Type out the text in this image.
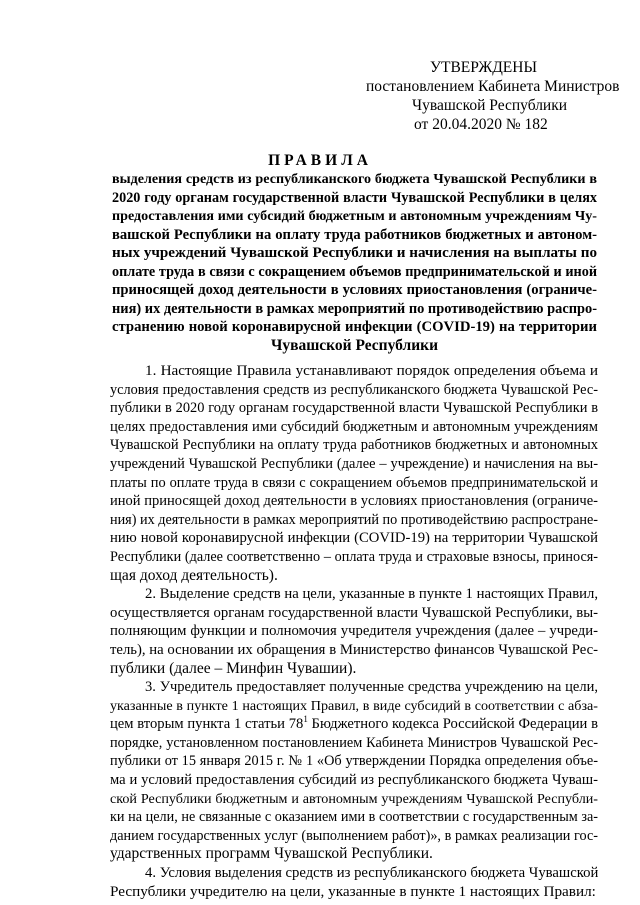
УТВЕРЖДЕНЫ
постановлением Кабинета Министров
Чувашской Республики
от 20.04.2020 № 182
ПРАВИЛА
выделения средств из республиканского бюджета Чувашской Республики в
2020 году органам государственной власти Чувашской Республики в целях
предоставления ими субсидий бюджетным и автономным учреждениям Чу-
вашской Республики на оплату труда работников бюджетных и автоном-
ных учреждений Чувашской Республики и начисления на выплаты по
оплате труда в связи с сокращением объемов предпринимательской и иной
приносящей доход деятельности в условиях приостановления (ограниче-
ния) их деятельности в рамках мероприятий по противодействию распро-
странению новой коронавирусной инфекции (COVID-19) на территории
Чувашской Республики
1. Настоящие Правила устанавливают порядок определения объема и
условия предоставления средств из республиканского бюджета Чувашской Рес-
публики в 2020 году органам государственной власти Чувашской Республики в
целях предоставления ими субсидий бюджетным и автономным учреждениям
Чувашской Республики на оплату труда работников бюджетных и автономных
учреждений Чувашской Республики (далее – учреждение) и начисления на вы-
платы по оплате труда в связи с сокращением объемов предпринимательской и
иной приносящей доход деятельности в условиях приостановления (ограниче-
ния) их деятельности в рамках мероприятий по противодействию распростране-
нию новой коронавирусной инфекции (COVID-19) на территории Чувашской
Республики (далее соответственно – оплата труда и страховые взносы, принося-
щая доход деятельность).
2. Выделение средств на цели, указанные в пункте 1 настоящих Правил,
осуществляется органам государственной власти Чувашской Республики, вы-
полняющим функции и полномочия учредителя учреждения (далее – учреди-
тель), на основании их обращения в Министерство финансов Чувашской Рес-
публики (далее – Минфин Чувашии).
3. Учредитель предоставляет полученные средства учреждению на цели,
указанные в пункте 1 настоящих Правил, в виде субсидий в соответствии с абза-
цем вторым пункта 1 статьи $78^1$ Бюджетного кодекса Российской Федерации в
порядке, установленном постановлением Кабинета Министров Чувашской Рес-
публики от 15 января 2015 г. № 1 «Об утверждении Порядка определения объе-
ма и условий предоставления субсидий из республиканского бюджета Чуваш-
ской Республики бюджетным и автономным учреждениям Чувашской Республи-
ки на цели, не связанные с оказанием ими в соответствии с государственным за-
данием государственных услуг (выполнением работ)», в рамках реализации гос-
ударственных программ Чувашской Республики.
4. Условия выделения средств из республиканского бюджета Чувашской
Республики учредителю на цели, указанные в пункте 1 настоящих Правил:
